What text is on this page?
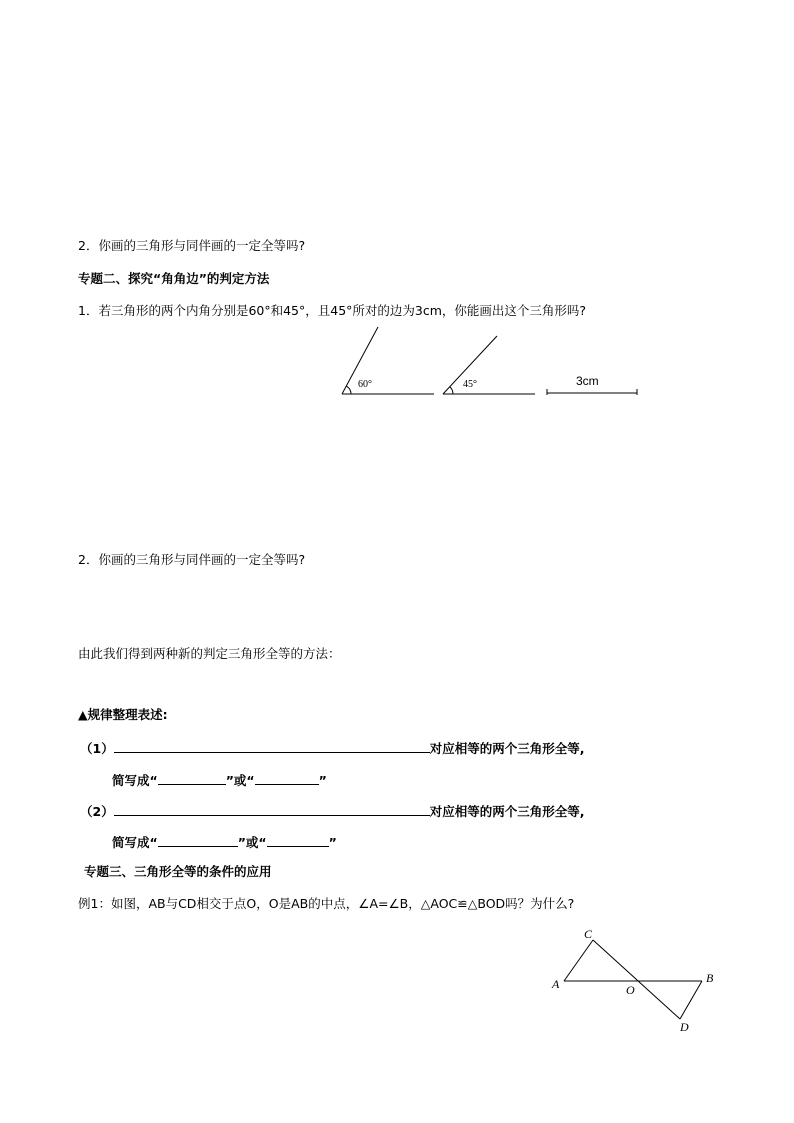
2．你画的三角形与同伴画的一定全等吗?
专题二、探究“角角边”的判定方法
1．若三角形的两个内角分别是60°和45°，且45°所对的边为3cm，你能画出这个三角形吗?
60°	45°	3cm
2．你画的三角形与同伴画的一定全等吗?
由此我们得到两种新的判定三角形全等的方法：
▲规律整理表述:
（1）	对应相等的两个三角形全等,
简写成“	”或“	”
（2）	对应相等的两个三角形全等,
简写成“	”或“	”
专题三、三角形全等的条件的应用
例1：如图，AB与CD相交于点O，O是AB的中点，∠A=∠B，△AOC≌△BOD吗？为什么?
C
A	O
B
D
